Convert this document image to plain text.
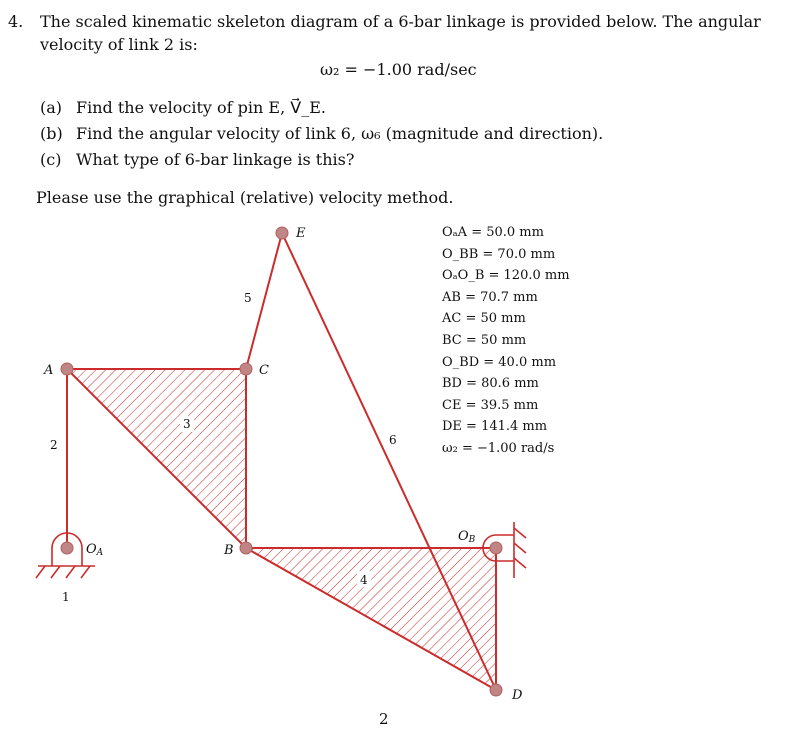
4. The scaled kinematic skeleton diagram of a 6-bar linkage is provided below. The angular
velocity of link 2 is:
ω₂ = −1.00 rad/sec
(a) Find the velocity of pin E, V⃗_E.
(b) Find the angular velocity of link 6, ω₆ (magnitude and direction).
(c) What type of 6-bar linkage is this?
Please use the graphical (relative) velocity method.
OₐA = 50.0 mm
O_BB = 70.0 mm
OₐO_B = 120.0 mm
AB = 70.7 mm
AC = 50 mm
BC = 50 mm
O_BD = 40.0 mm
BD = 80.6 mm
CE = 39.5 mm
DE = 141.4 mm
ω₂ = −1.00 rad/s
A	C
B
E
D
OA
OB
1
2
3
4
5
6
2
